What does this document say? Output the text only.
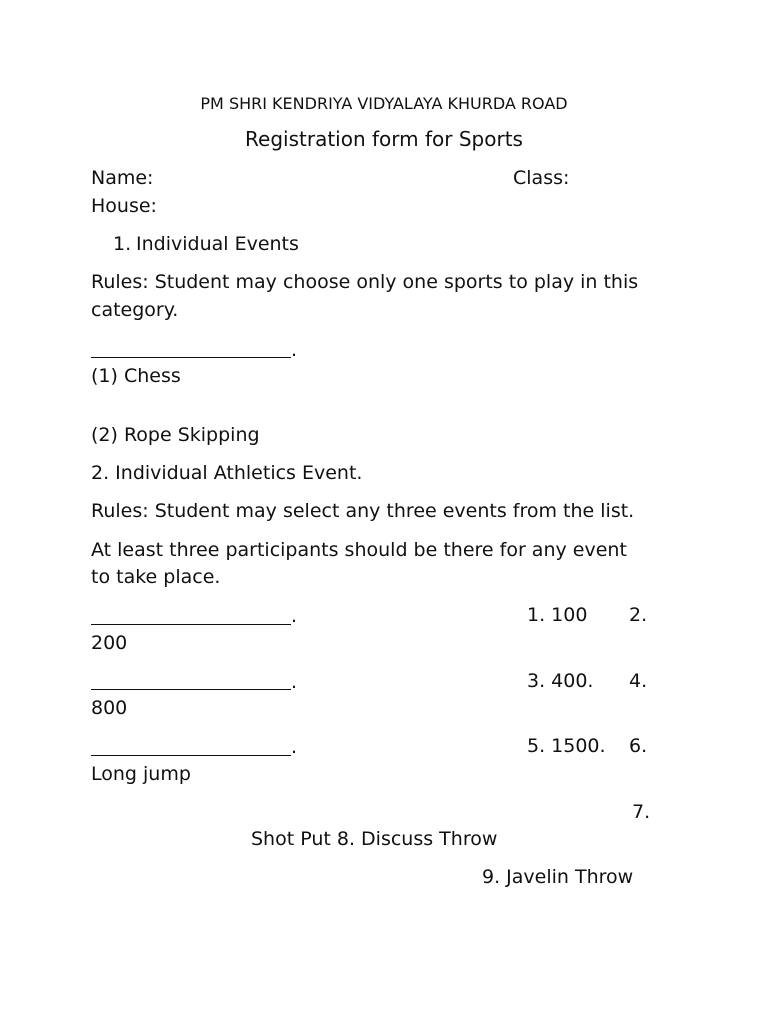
PM SHRI KENDRIYA VIDYALAYA KHURDA ROAD
Registration form for Sports
Name:	Class:
House:
1. Individual Events
Rules: Student may choose only one sports to play in this
category.
.
(1) Chess
(2) Rope Skipping
2. Individual Athletics Event.
Rules: Student may select any three events from the list.
At least three participants should be there for any event
to take place.
.	1. 100 2.
200
.	3. 400. 4.
800
.	5. 1500. 6.
Long jump
7.
Shot Put 8. Discuss Throw
9. Javelin Throw
